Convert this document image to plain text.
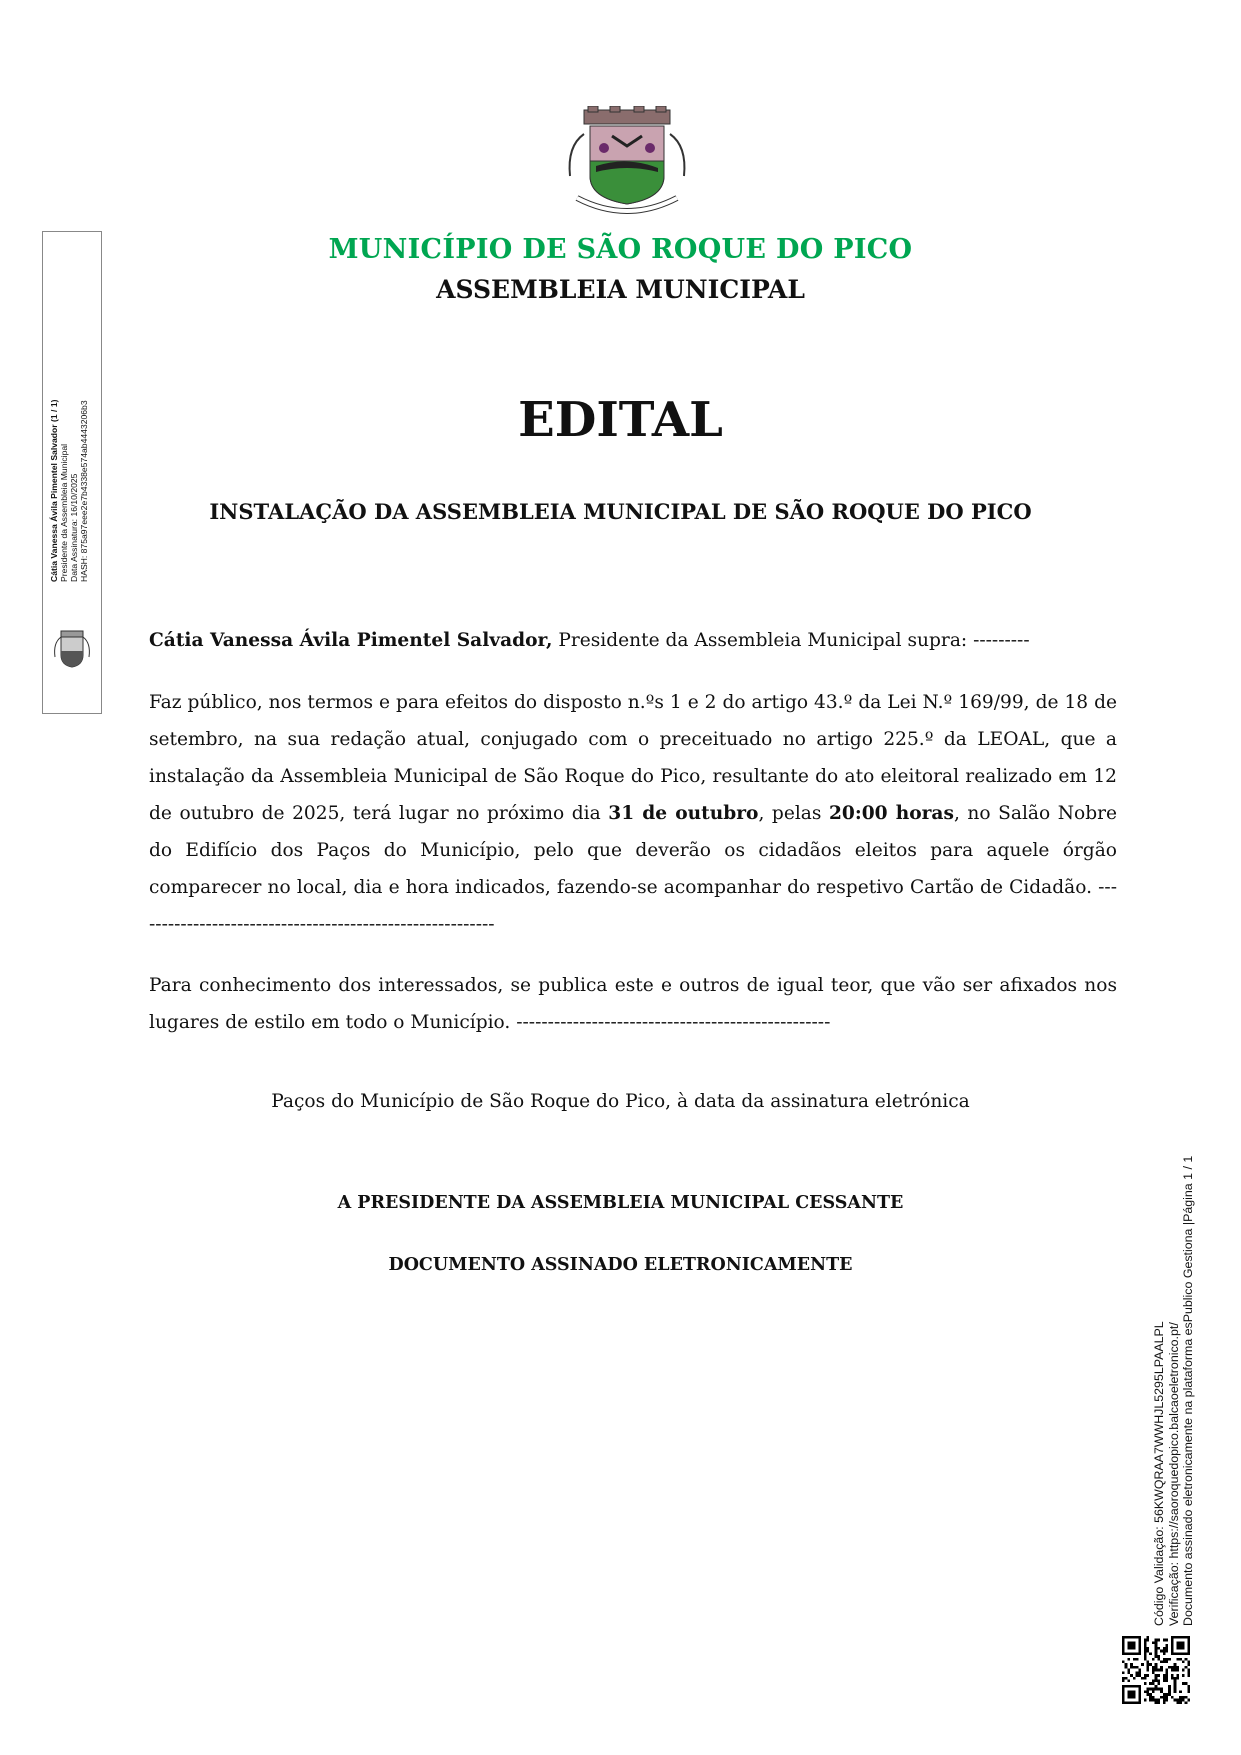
Cátia Vanessa Ávila Pimentel Salvador (1 / 1) Presidente da Assembleia Municipal Data Assinatura: 16/10/2025 HASH: 875a97eee2e7b4338e574ab4443206b3
MUNICÍPIO DE SÃO ROQUE DO PICO
ASSEMBLEIA MUNICIPAL
EDITAL
INSTALAÇÃO DA ASSEMBLEIA MUNICIPAL DE SÃO ROQUE DO PICO
Cátia Vanessa Ávila Pimentel Salvador, Presidente da Assembleia Municipal supra: ---------
Faz público, nos termos e para efeitos do disposto n.ºs 1 e 2 do artigo 43.º da Lei N.º 169/99, de 18 de setembro, na sua redação atual, conjugado com o preceituado no artigo 225.º da LEOAL, que a instalação da Assembleia Municipal de São Roque do Pico, resultante do ato eleitoral realizado em 12 de outubro de 2025, terá lugar no próximo dia 31 de outubro, pelas 20:00 horas, no Salão Nobre do Edifício dos Paços do Município, pelo que deverão os cidadãos eleitos para aquele órgão comparecer no local, dia e hora indicados, fazendo-se acompanhar do respetivo Cartão de Cidadão. ----------------------------------------------------------
Para conhecimento dos interessados, se publica este e outros de igual teor, que vão ser afixados nos lugares de estilo em todo o Município. --------------------------------------------------
Paços do Município de São Roque do Pico, à data da assinatura eletrónica
A PRESIDENTE DA ASSEMBLEIA MUNICIPAL CESSANTE
DOCUMENTO ASSINADO ELETRONICAMENTE
Código Validação: 56KWQRAA7WWHJL5295LPAALPL Verificação: https://saoroquedopico.balcaoeletronico.pt/ Documento assinado eletronicamente na plataforma esPublico Gestiona |Página 1 / 1
